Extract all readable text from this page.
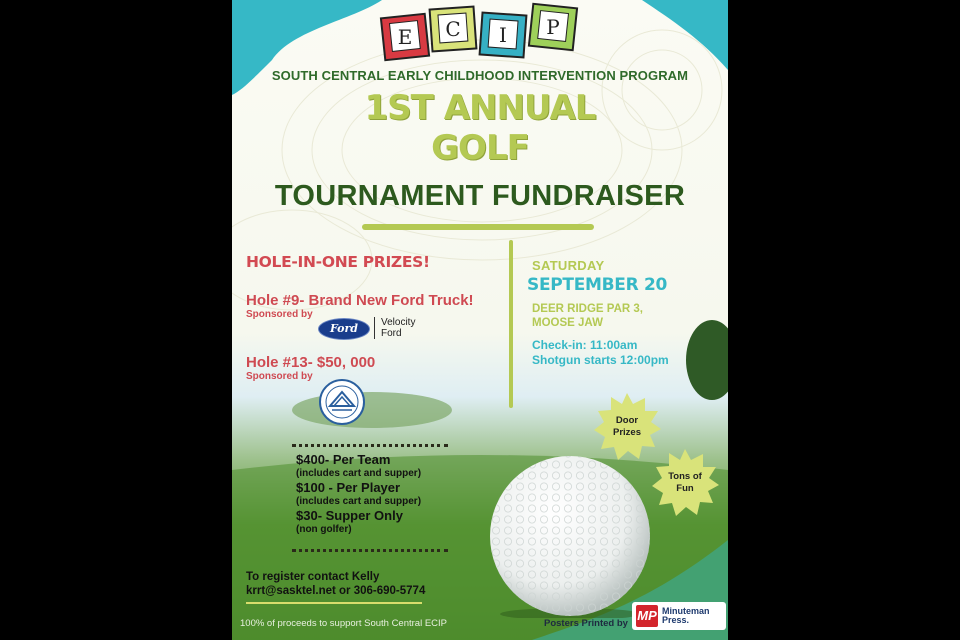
E C I P
SOUTH CENTRAL EARLY CHILDHOOD INTERVENTION PROGRAM
1ST ANNUAL
GOLF
TOURNAMENT FUNDRAISER
HOLE-IN-ONE PRIZES!
Hole #9- Brand New Ford Truck!
Sponsored by
Ford	Velocity
Ford
Hole #13- $50, 000
Sponsored by
SATURDAY
SEPTEMBER 20
DEER RIDGE PAR 3,
MOOSE JAW
Check-in: 11:00am
Shotgun starts 12:00pm
Door
Prizes
Tons of
Fun
$400- Per Team
(includes cart and supper)
$100 - Per Player
(includes cart and supper)
$30- Supper Only
(non golfer)
To register contact Kelly
krrt@sasktel.net or 306-690-5774
100% of proceeds to support South Central ECIP	Posters Printed by
MP Minuteman
Press.
